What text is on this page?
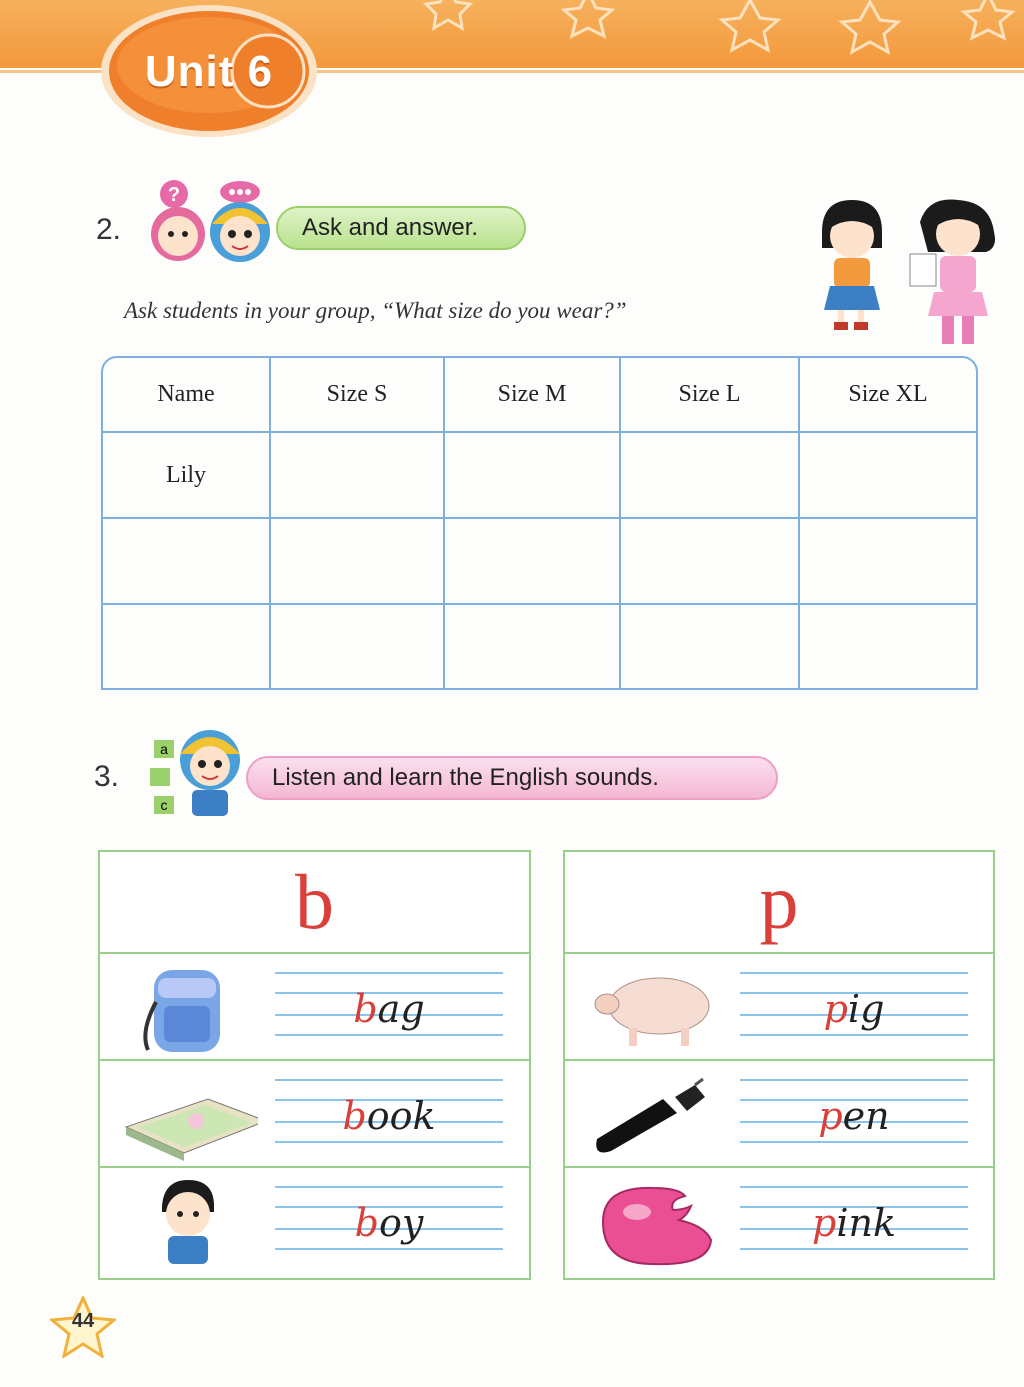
Unit 6
2.
?
Ask and answer.
Ask students in your group, “What size do you wear?”
Name	Size S	Size M	Size L	Size XL
Lily				

3.
a
c
Listen and learn the English sounds.
b
bag
book
boy
p
pig
pen
pink
44
